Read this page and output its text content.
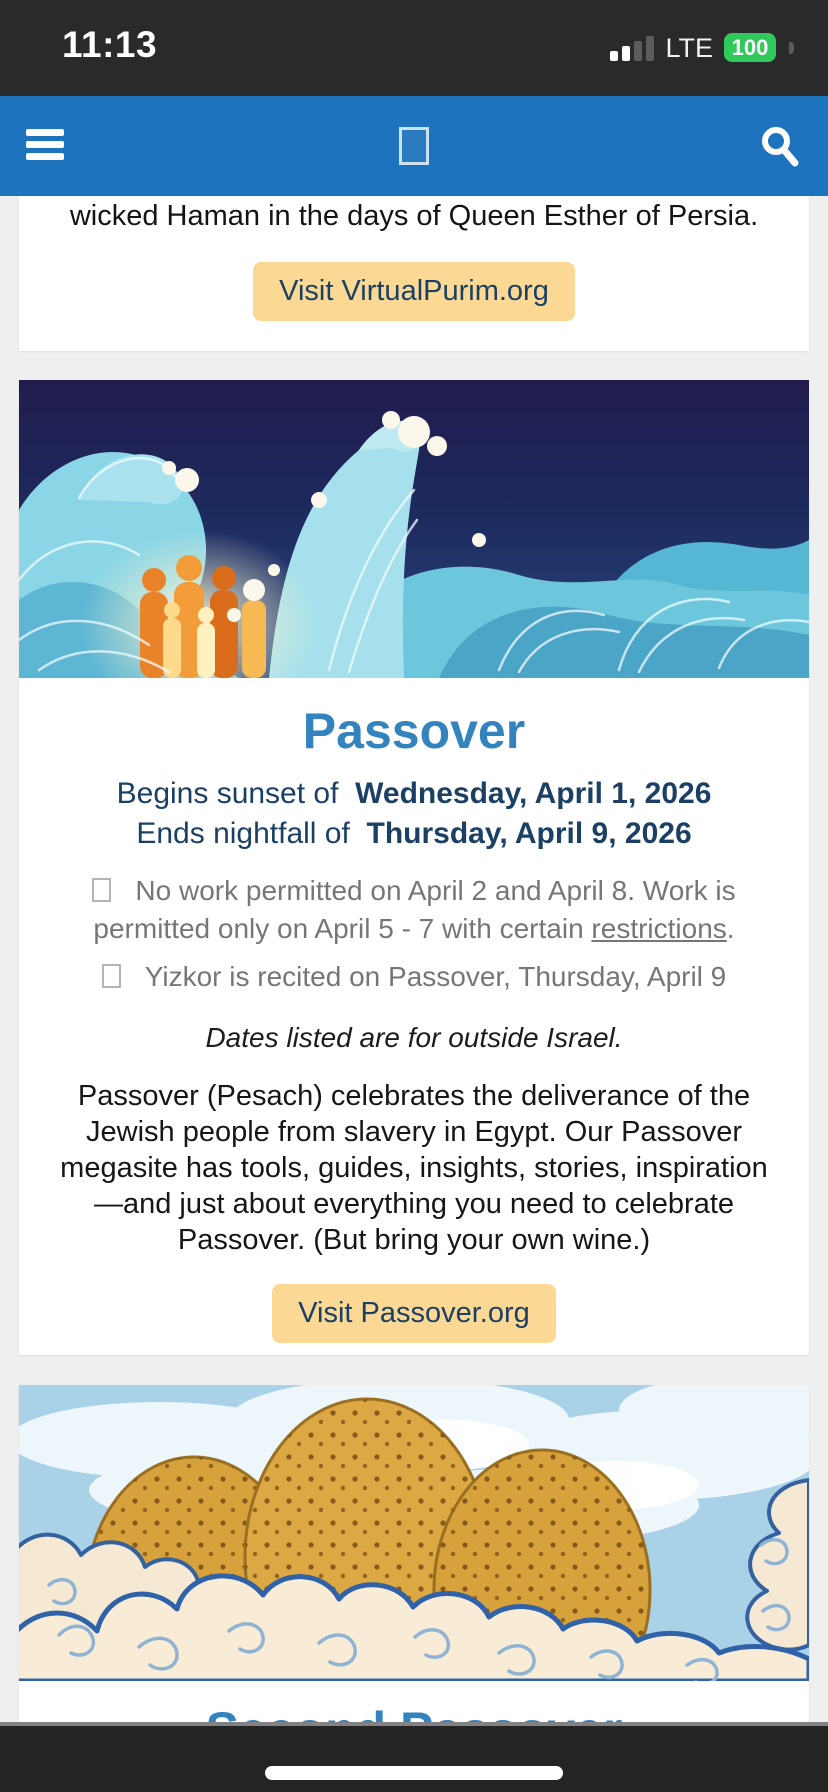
11:13	LTE 100

wicked Haman in the days of Queen Esther of Persia.

Visit VirtualPurim.org
Passover
Begins sunset of Wednesday, April 1, 2026
Ends nightfall of Thursday, April 9, 2026

No work permitted on April 2 and April 8. Work is permitted only on April 5 - 7 with certain restrictions.

Yizkor is recited on Passover, Thursday, April 9

Dates listed are for outside Israel.

Passover (Pesach) celebrates the deliverance of the Jewish people from slavery in Egypt. Our Passover megasite has tools, guides, insights, stories, inspiration—and just about everything you need to celebrate Passover. (But bring your own wine.)

Visit Passover.org
